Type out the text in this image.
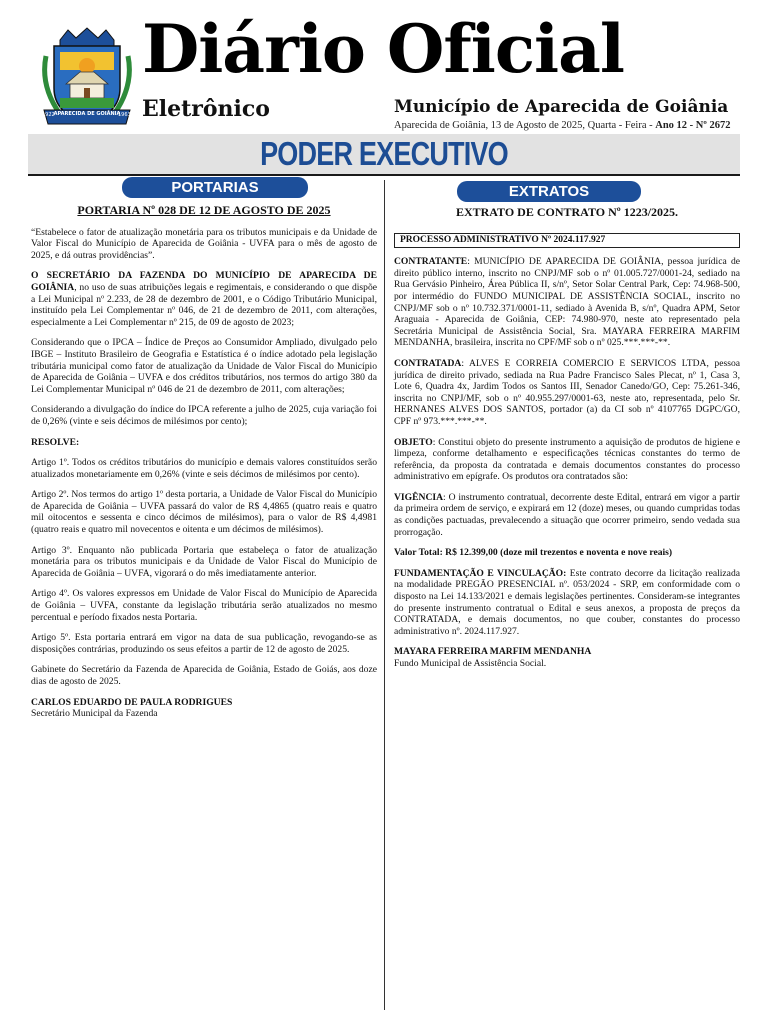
APARECIDA DE GOIÂNIA
1922	1963
Diário Oficial
Eletrônico	Município de Aparecida de Goiânia
Aparecida de Goiânia, 13 de Agosto de 2025, Quarta - Feira - Ano 12 - Nº 2672
PODER EXECUTIVO
PORTARIAS	EXTRATOS
PORTARIA Nº 028 DE 12 DE AGOSTO DE 2025

“Estabelece o fator de atualização monetária para os tributos municipais e da Unidade de Valor Fiscal do Município de Aparecida de Goiânia - UVFA para o mês de agosto de 2025, e dá outras providências”.

O SECRETÁRIO DA FAZENDA DO MUNICÍPIO DE APARECIDA DE GOIÂNIA, no uso de suas atribuições legais e regimentais, e considerando o que dispõe a Lei Municipal nº 2.233, de 28 de dezembro de 2001, e o Código Tributário Municipal, instituído pela Lei Complementar nº 046, de 21 de dezembro de 2011, com alterações, especialmente a Lei Complementar nº 215, de 09 de agosto de 2023;

Considerando que o IPCA – Índice de Preços ao Consumidor Ampliado, divulgado pelo IBGE – Instituto Brasileiro de Geografia e Estatística é o índice adotado pela legislação tributária municipal como fator de atualização da Unidade de Valor Fiscal do Município de Aparecida de Goiânia – UVFA e dos créditos tributários, nos termos do artigo 380 da Lei Complementar Municipal nº 046 de 21 de dezembro de 2011, com alterações;

Considerando a divulgação do índice do IPCA referente a julho de 2025, cuja variação foi de 0,26% (vinte e seis décimos de milésimos por cento);

RESOLVE:

Artigo 1º. Todos os créditos tributários do município e demais valores constituídos serão atualizados monetariamente em 0,26% (vinte e seis décimos de milésimos por cento).

Artigo 2º. Nos termos do artigo 1º desta portaria, a Unidade de Valor Fiscal do Município de Aparecida de Goiânia – UVFA passará do valor de R$ 4,4865 (quatro reais e quatro mil oitocentos e sessenta e cinco décimos de milésimos), para o valor de R$ 4,4981 (quatro reais e quatro mil novecentos e oitenta e um décimos de milésimos).

Artigo 3º. Enquanto não publicada Portaria que estabeleça o fator de atualização monetária para os tributos municipais e da Unidade de Valor Fiscal do Município de Aparecida de Goiânia – UVFA, vigorará o do mês imediatamente anterior.

Artigo 4º. Os valores expressos em Unidade de Valor Fiscal do Município de Aparecida de Goiânia – UVFA, constante da legislação tributária serão atualizados no mesmo percentual e período fixados nesta Portaria.

Artigo 5º. Esta portaria entrará em vigor na data de sua publicação, revogando-se as disposições contrárias, produzindo os seus efeitos a partir de 12 de agosto de 2025.

Gabinete do Secretário da Fazenda de Aparecida de Goiânia, Estado de Goiás, aos doze dias de agosto de 2025.

CARLOS EDUARDO DE PAULA RODRIGUES

Secretário Municipal da Fazenda

EXTRATO DE CONTRATO Nº 1223/2025.
PROCESSO ADMINISTRATIVO Nº 2024.117.927

CONTRATANTE: MUNICÍPIO DE APARECIDA DE GOIÂNIA, pessoa jurídica de direito público interno, inscrito no CNPJ/MF sob o nº 01.005.727/0001-24, sediado na Rua Gervásio Pinheiro, Área Pública II, s/nº, Setor Solar Central Park, Cep: 74.968-500, por intermédio do FUNDO MUNICIPAL DE ASSISTÊNCIA SOCIAL, inscrito no CNPJ/MF sob o nº 10.732.371/0001-11, sediado à Avenida B, s/nº, Quadra APM, Setor Araguaia - Aparecida de Goiânia, CEP: 74.980-970, neste ato representado pela Secretária Municipal de Assistência Social, Sra. MAYARA FERREIRA MARFIM MENDANHA, brasileira, inscrita no CPF/MF sob o nº 025.***.***-**.

CONTRATADA: ALVES E CORREIA COMERCIO E SERVICOS LTDA, pessoa jurídica de direito privado, sediada na Rua Padre Francisco Sales Plecat, nº 1, Casa 3, Lote 6, Quadra 4x, Jardim Todos os Santos III, Senador Canedo/GO, Cep: 75.261-346, inscrita no CNPJ/MF, sob o nº 40.955.297/0001-63, neste ato, representada, pelo Sr. HERNANES ALVES DOS SANTOS, portador (a) da CI sob nº 4107765 DGPC/GO, CPF nº 973.***.***-**.

OBJETO: Constitui objeto do presente instrumento a aquisição de produtos de higiene e limpeza, conforme detalhamento e especificações técnicas constantes do termo de referência, da proposta da contratada e demais documentos constantes do processo administrativo em epígrafe. Os produtos ora contratados são:

VIGÊNCIA: O instrumento contratual, decorrente deste Edital, entrará em vigor a partir da primeira ordem de serviço, e expirará em 12 (doze) meses, ou quando cumpridas todas as condições pactuadas, prevalecendo a situação que ocorrer primeiro, sendo vedada sua prorrogação.

Valor Total: R$ 12.399,00 (doze mil trezentos e noventa e nove reais)

FUNDAMENTAÇÃO E VINCULAÇÃO: Este contrato decorre da licitação realizada na modalidade PREGÃO PRESENCIAL nº. 053/2024 - SRP, em conformidade com o disposto na Lei 14.133/2021 e demais legislações pertinentes. Consideram-se integrantes do presente instrumento contratual o Edital e seus anexos, a proposta de preços da CONTRATADA, e demais documentos, no que couber, constantes do processo administrativo nº. 2024.117.927.

MAYARA FERREIRA MARFIM MENDANHA

Fundo Municipal de Assistência Social.
